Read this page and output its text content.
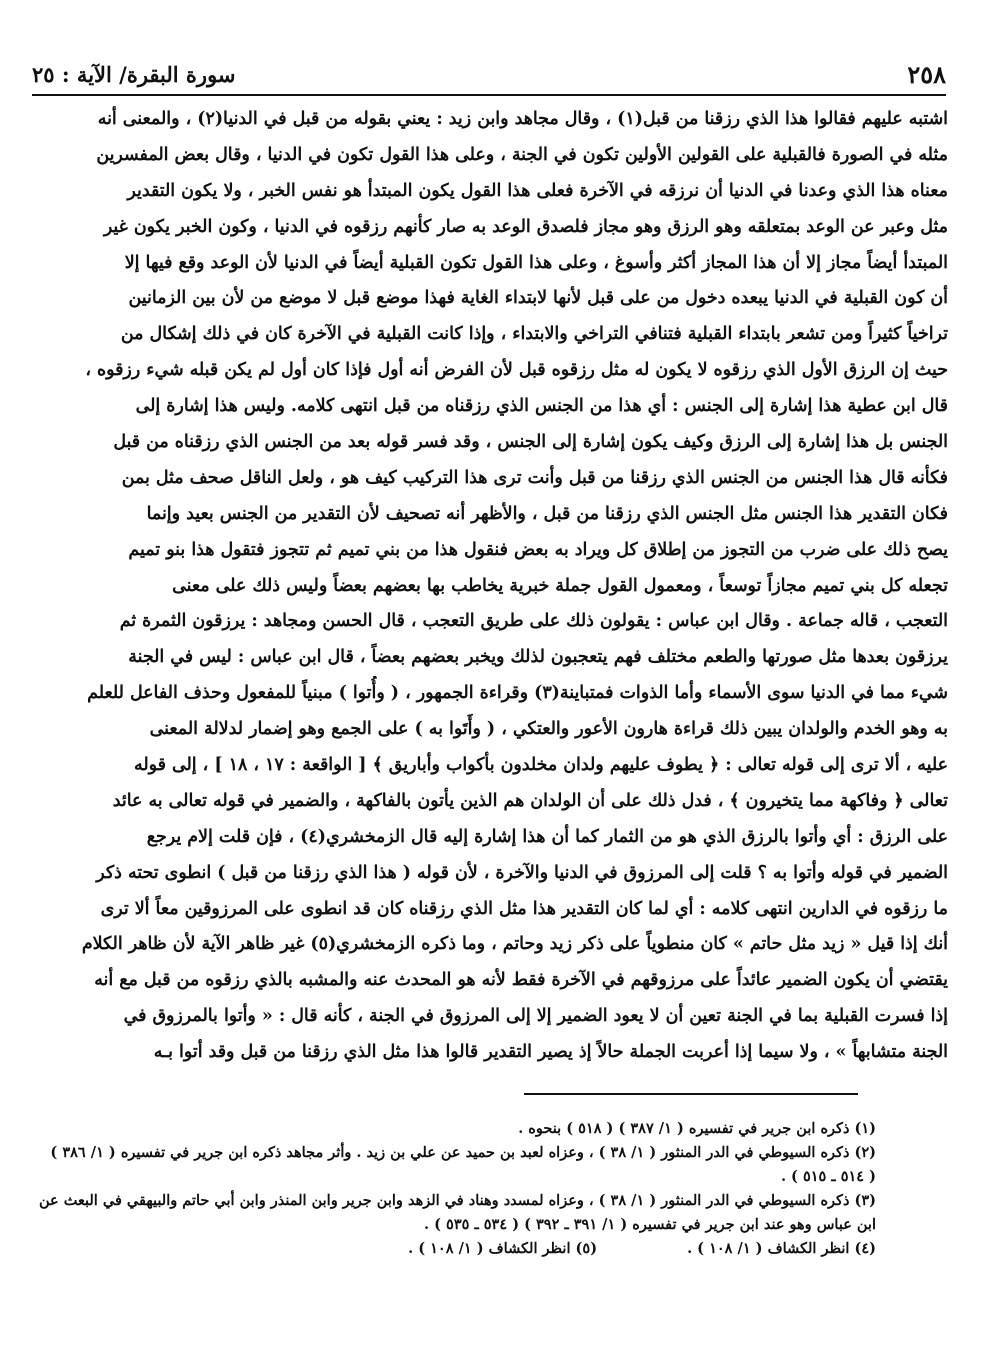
٢٥٨
سورة البقرة/ الآية : ٢٥
اشتبه عليهم فقالوا هذا الذي رزقنا من قبل(١) ، وقال مجاهد وابن زيد : يعني بقوله من قبل في الدنيا(٢) ، والمعنى أنه
مثله في الصورة فالقبلية على القولين الأولين تكون في الجنة ، وعلى هذا القول تكون في الدنيا ، وقال بعض المفسرين
معناه هذا الذي وعدنا في الدنيا أن نرزقه في الآخرة فعلى هذا القول يكون المبتدأ هو نفس الخبر ، ولا يكون التقدير
مثل وعبر عن الوعد بمتعلقه وهو الرزق وهو مجاز فلصدق الوعد به صار كأنهم رزقوه في الدنيا ، وكون الخبر يكون غير
المبتدأ أيضاً مجاز إلا أن هذا المجاز أكثر وأسوغ ، وعلى هذا القول تكون القبلية أيضاً في الدنيا لأن الوعد وقع فيها إلا
أن كون القبلية في الدنيا يبعده دخول من على قبل لأنها لابتداء الغاية فهذا موضع قبل لا موضع من لأن بين الزمانين
تراخياً كثيراً ومن تشعر بابتداء القبلية فتنافي التراخي والابتداء ، وإذا كانت القبلية في الآخرة كان في ذلك إشكال من
حيث إن الرزق الأول الذي رزقوه لا يكون له مثل رزقوه قبل لأن الفرض أنه أول فإذا كان أول لم يكن قبله شيء رزقوه ،
قال ابن عطية هذا إشارة إلى الجنس : أي هذا من الجنس الذي رزقناه من قبل انتهى كلامه. وليس هذا إشارة إلى
الجنس بل هذا إشارة إلى الرزق وكيف يكون إشارة إلى الجنس ، وقد فسر قوله بعد من الجنس الذي رزقناه من قبل
فكأنه قال هذا الجنس من الجنس الذي رزقنا من قبل وأنت ترى هذا التركيب كيف هو ، ولعل الناقل صحف مثل بمن
فكان التقدير هذا الجنس مثل الجنس الذي رزقنا من قبل ، والأظهر أنه تصحيف لأن التقدير من الجنس بعيد وإنما
يصح ذلك على ضرب من التجوز من إطلاق كل ويراد به بعض فنقول هذا من بني تميم ثم تتجوز فتقول هذا بنو تميم
تجعله كل بني تميم مجازاً توسعاً ، ومعمول القول جملة خبرية يخاطب بها بعضهم بعضاً وليس ذلك على معنى
التعجب ، قاله جماعة . وقال ابن عباس : يقولون ذلك على طريق التعجب ، قال الحسن ومجاهد : يرزقون الثمرة ثم
يرزقون بعدها مثل صورتها والطعم مختلف فهم يتعجبون لذلك ويخبر بعضهم بعضاً ، قال ابن عباس : ليس في الجنة
شيء مما في الدنيا سوى الأسماء وأما الذوات فمتباينة(٣) وقراءة الجمهور ، ( وأُتوا ) مبنياً للمفعول وحذف الفاعل للعلم
به وهو الخدم والولدان يبين ذلك قراءة هارون الأعور والعتكي ، ( وأَتَوا به ) على الجمع وهو إضمار لدلالة المعنى
عليه ، ألا ترى إلى قوله تعالى : ﴿ يطوف عليهم ولدان مخلدون بأكواب وأباريق ﴾ [ الواقعة : ١٧ ، ١٨ ] ، إلى قوله
تعالى ﴿ وفاكهة مما يتخيرون ﴾ ، فدل ذلك على أن الولدان هم الذين يأتون بالفاكهة ، والضمير في قوله تعالى به عائد
على الرزق : أي وأتوا بالرزق الذي هو من الثمار كما أن هذا إشارة إليه قال الزمخشري(٤) ، فإن قلت إلام يرجع
الضمير في قوله وأتوا به ؟ قلت إلى المرزوق في الدنيا والآخرة ، لأن قوله ( هذا الذي رزقنا من قبل ) انطوى تحته ذكر
ما رزقوه في الدارين انتهى كلامه : أي لما كان التقدير هذا مثل الذي رزقناه كان قد انطوى على المرزوقين معاً ألا ترى
أنك إذا قيل « زيد مثل حاتم » كان منطوياً على ذكر زيد وحاتم ، وما ذكره الزمخشري(٥) غير ظاهر الآية لأن ظاهر الكلام
يقتضي أن يكون الضمير عائداً على مرزوقهم في الآخرة فقط لأنه هو المحدث عنه والمشبه بالذي رزقوه من قبل مع أنه
إذا فسرت القبلية بما في الجنة تعين أن لا يعود الضمير إلا إلى المرزوق في الجنة ، كأنه قال : « وأتوا بالمرزوق في
الجنة متشابهاً » ، ولا سيما إذا أعربت الجملة حالاً إذ يصير التقدير قالوا هذا مثل الذي رزقنا من قبل وقد أتوا بـه
(١) ذكره ابن جرير في تفسيره ( ١/ ٣٨٧ ) ( ٥١٨ ) بنحوه .
(٢) ذكره السيوطي في الدر المنثور ( ١/ ٣٨ ) ، وعزاه لعبد بن حميد عن علي بن زيد . وأثر مجاهد ذكره ابن جرير في تفسيره ( ١/ ٣٨٦ )
( ٥١٤ ـ ٥١٥ ) .
(٣) ذكره السيوطي في الدر المنثور ( ١/ ٣٨ ) ، وعزاه لمسدد وهناد في الزهد وابن جرير وابن المنذر وابن أبي حاتم والبيهقي في البعث عن
ابن عباس وهو عند ابن جرير في تفسيره ( ١/ ٣٩١ ـ ٣٩٢ ) ( ٥٣٤ ـ ٥٣٥ ) .
(٤) انظر الكشاف ( ١/ ١٠٨ ) .
(٥) انظر الكشاف ( ١/ ١٠٨ ) .
